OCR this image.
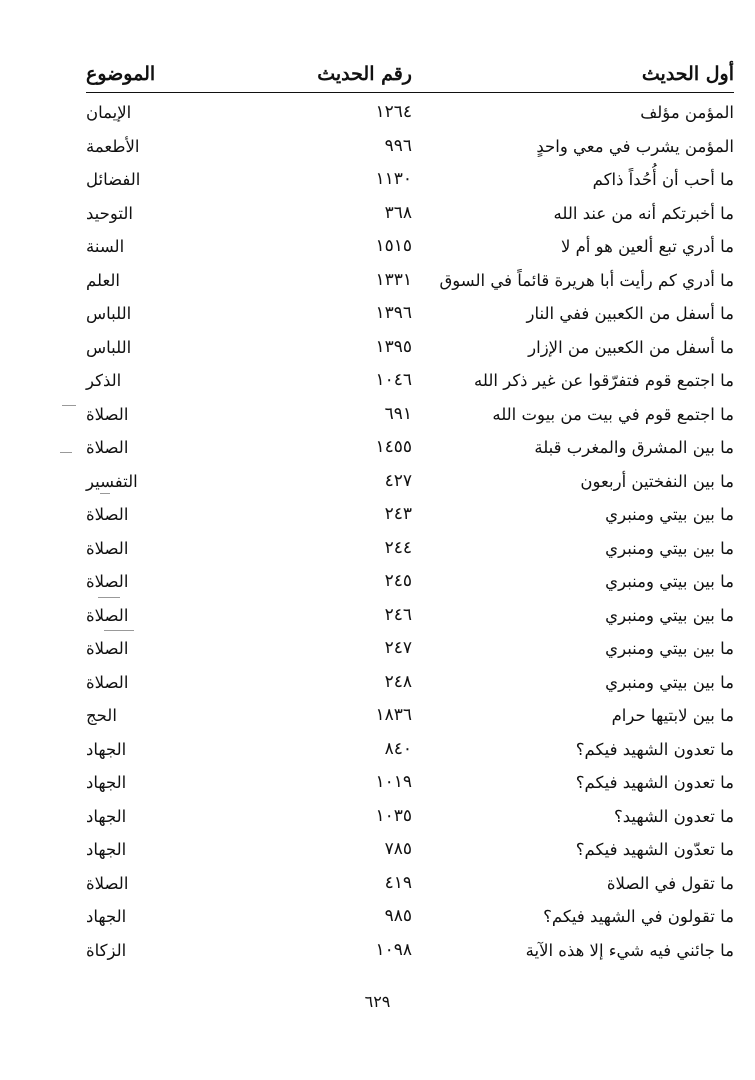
أول الحديث
رقم الحديث
الموضوع
المؤمن مؤلف
١٢٦٤
الإيمان
المؤمن يشرب في معي واحدٍ
٩٩٦
الأطعمة
ما أحب أن أُحُداً ذاكم
١١٣٠
الفضائل
ما أخبرتكم أنه من عند الله
٣٦٨
التوحيد
ما أدري تبع ألعين هو أم لا
١٥١٥
السنة
ما أدري كم رأيت أبا هريرة قائماً في السوق
١٣٣١
العلم
ما أسفل من الكعبين ففي النار
١٣٩٦
اللباس
ما أسفل من الكعبين من الإزار
١٣٩٥
اللباس
ما اجتمع قوم فتفرّقوا عن غير ذكر الله
١٠٤٦
الذكر
ما اجتمع قوم في بيت من بيوت الله
٦٩١
الصلاة
ما بين المشرق والمغرب قبلة
١٤٥٥
الصلاة
ما بين النفختين أربعون
٤٢٧
التفسير
ما بين بيتي ومنبري
٢٤٣
الصلاة
ما بين بيتي ومنبري
٢٤٤
الصلاة
ما بين بيتي ومنبري
٢٤٥
الصلاة
ما بين بيتي ومنبري
٢٤٦
الصلاة
ما بين بيتي ومنبري
٢٤٧
الصلاة
ما بين بيتي ومنبري
٢٤٨
الصلاة
ما بين لابتيها حرام
١٨٣٦
الحج
ما تعدون الشهيد فيكم؟
٨٤٠
الجهاد
ما تعدون الشهيد فيكم؟
١٠١٩
الجهاد
ما تعدون الشهيد؟
١٠٣٥
الجهاد
ما تعدّون الشهيد فيكم؟
٧٨٥
الجهاد
ما تقول في الصلاة
٤١٩
الصلاة
ما تقولون في الشهيد فيكم؟
٩٨٥
الجهاد
ما جائني فيه شيء إلا هذه الآية
١٠٩٨
الزكاة
٦٢٩
